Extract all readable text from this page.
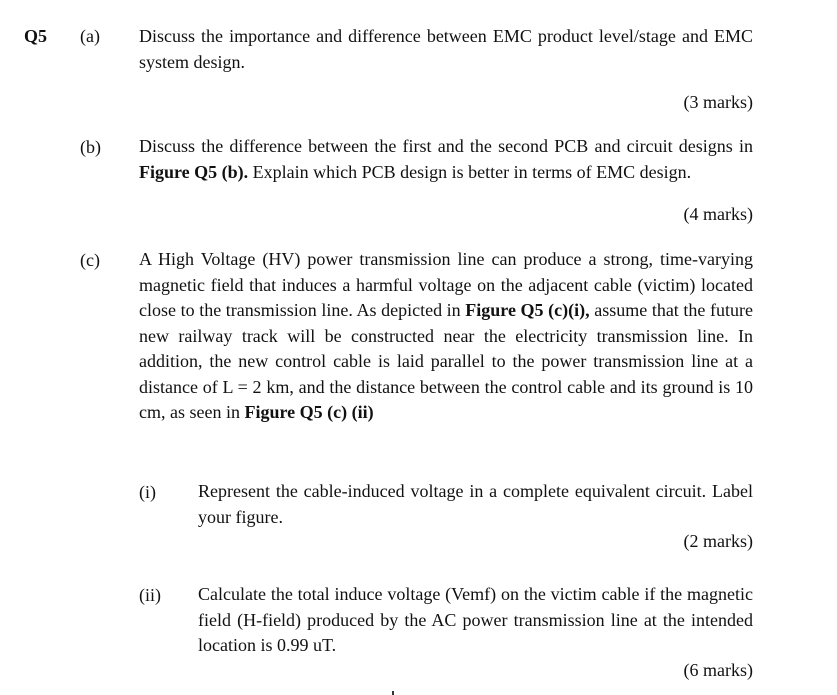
Q5 (a) Discuss the importance and difference between EMC product level/stage and EMC system design.
(3 marks)
(b) Discuss the difference between the first and the second PCB and circuit designs in Figure Q5 (b). Explain which PCB design is better in terms of EMC design.
(4 marks)
(c) A High Voltage (HV) power transmission line can produce a strong, time-varying magnetic field that induces a harmful voltage on the adjacent cable (victim) located close to the transmission line. As depicted in Figure Q5 (c)(i), assume that the future new railway track will be constructed near the electricity transmission line. In addition, the new control cable is laid parallel to the power transmission line at a distance of L = 2 km, and the distance between the control cable and its ground is 10 cm, as seen in Figure Q5 (c) (ii)
(i) Represent the cable-induced voltage in a complete equivalent circuit. Label your figure.
(2 marks)
(ii) Calculate the total induce voltage (Vemf) on the victim cable if the magnetic field (H-field) produced by the AC power transmission line at the intended location is 0.99 uT.
(6 marks)
